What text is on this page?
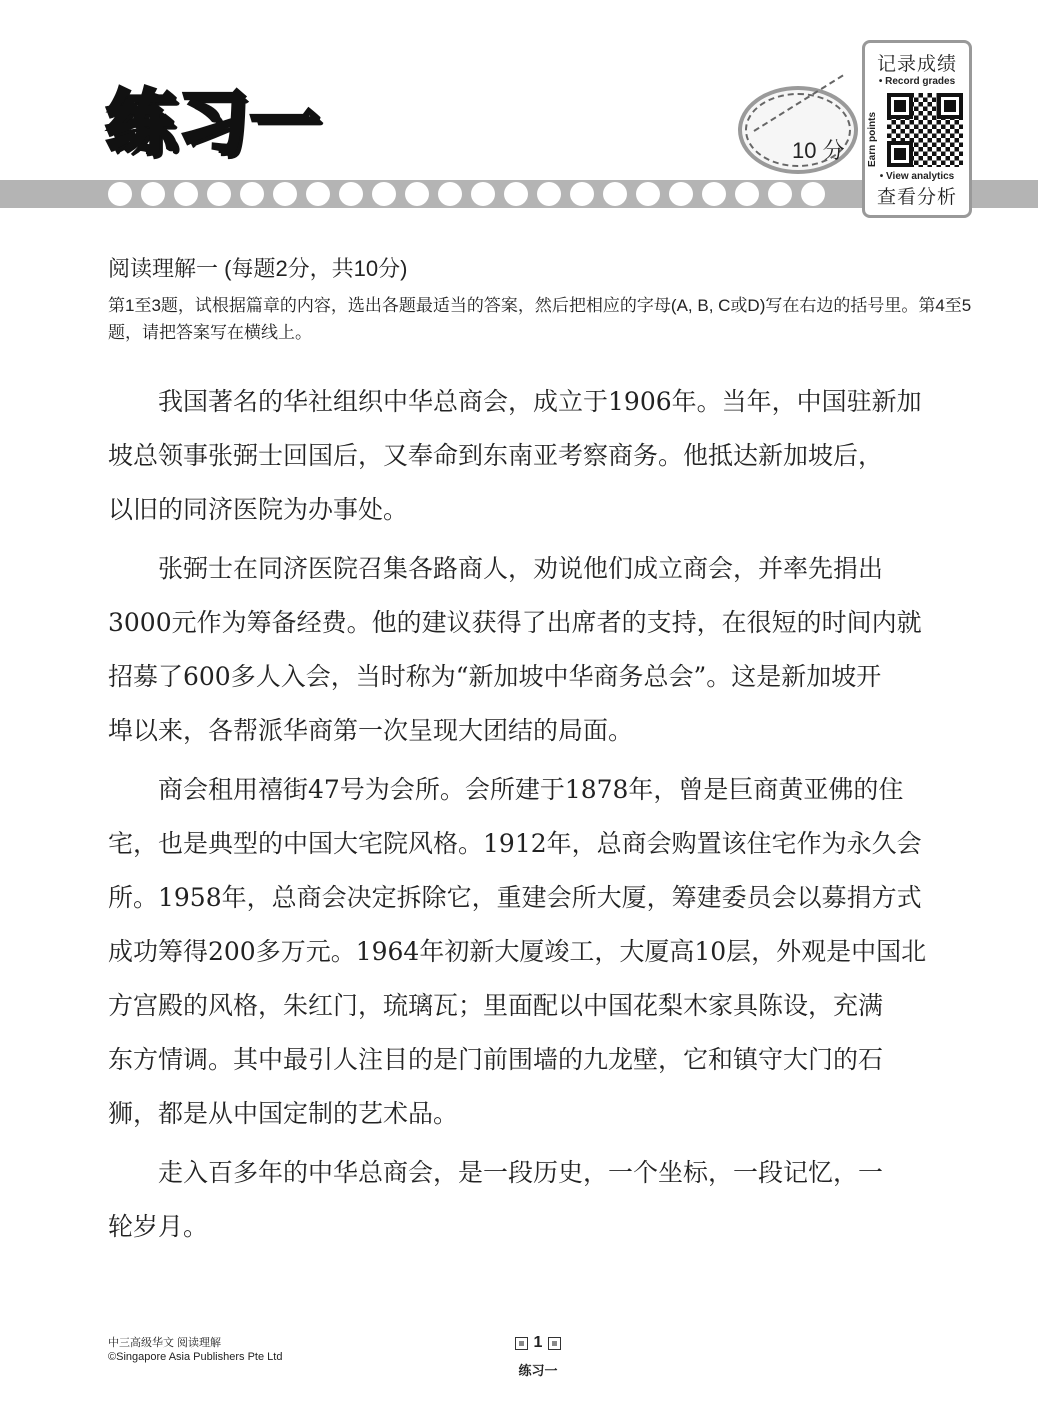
练习一	10 分
记录成绩
• Record grades
Earn points
• View analytics
查看分析
阅读理解一 (每题2分，共10分)
第1至3题，试根据篇章的内容，选出各题最适当的答案，然后把相应的字母(A, B, C或D)写在右边的括号里。第4至5题，请把答案写在横线上。
　　我国著名的华社组织中华总商会，成立于1906年。当年，中国驻新加
坡总领事张弼士回国后，又奉命到东南亚考察商务。他抵达新加坡后，
以旧的同济医院为办事处。
　　张弼士在同济医院召集各路商人，劝说他们成立商会，并率先捐出
3000元作为筹备经费。他的建议获得了出席者的支持，在很短的时间内就
招募了600多人入会，当时称为“新加坡中华商务总会”。这是新加坡开
埠以来，各帮派华商第一次呈现大团结的局面。
　　商会租用禧街47号为会所。会所建于1878年，曾是巨商黄亚佛的住
宅，也是典型的中国大宅院风格。1912年，总商会购置该住宅作为永久会
所。1958年，总商会决定拆除它，重建会所大厦，筹建委员会以募捐方式
成功筹得200多万元。1964年初新大厦竣工，大厦高10层，外观是中国北
方宫殿的风格，朱红门，琉璃瓦；里面配以中国花梨木家具陈设，充满
东方情调。其中最引人注目的是门前围墙的九龙壁，它和镇守大门的石
狮，都是从中国定制的艺术品。
　　走入百多年的中华总商会，是一段历史，一个坐标，一段记忆，一
轮岁月。
中三高级华文 阅读理解
©Singapore Asia Publishers Pte Ltd
1
练习一
